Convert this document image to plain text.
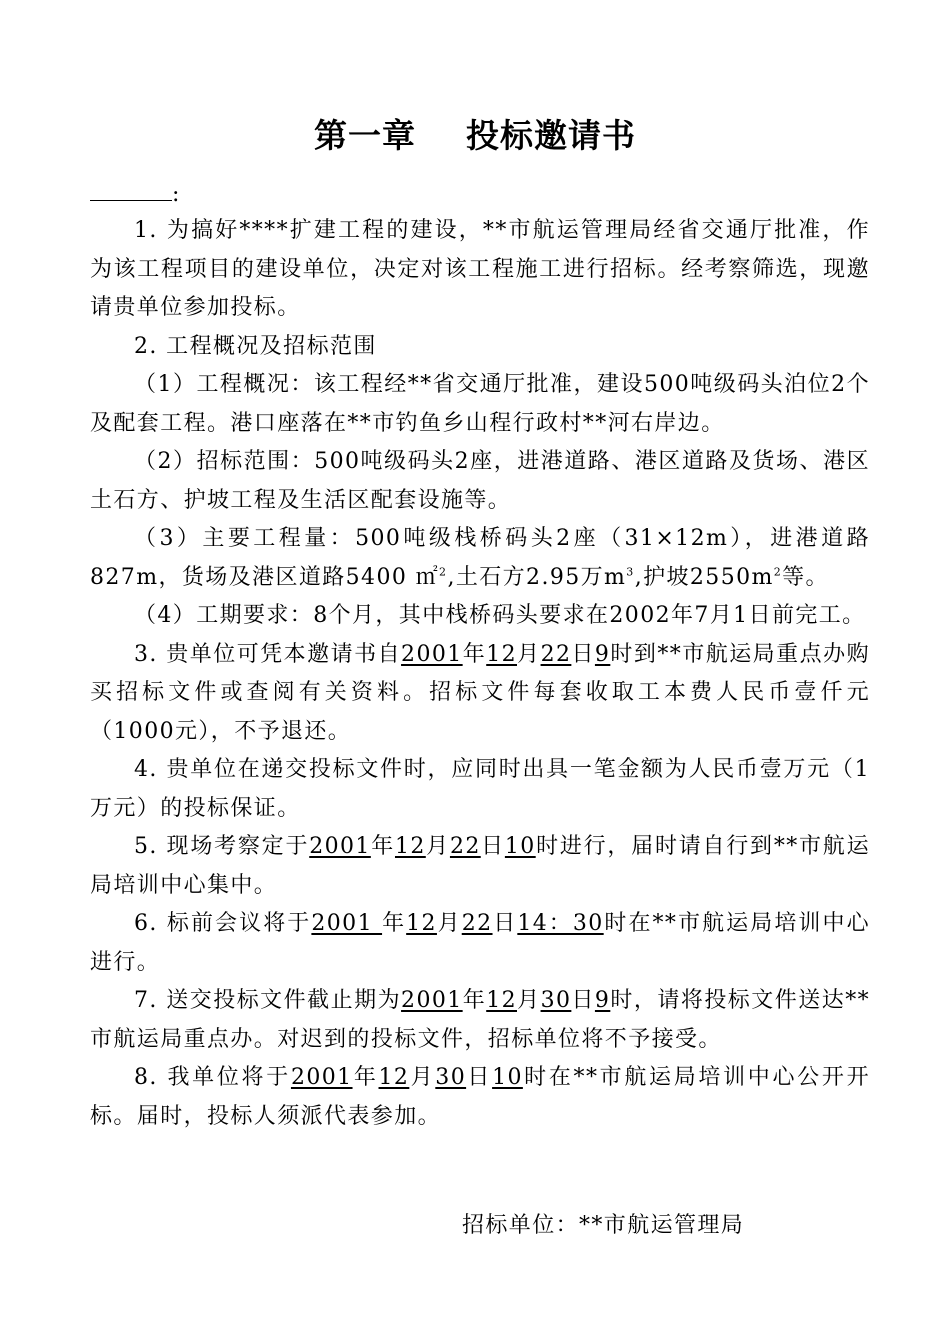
第一章    投标邀请书
:

1. 为搞好****扩建工程的建设，**市航运管理局经省交通厅批准，作为该工程项目的建设单位，决定对该工程施工进行招标。经考察筛选，现邀请贵单位参加投标。

2. 工程概况及招标范围

（1）工程概况：该工程经**省交通厅批准，建设500吨级码头泊位2个及配套工程。港口座落在**市钓鱼乡山程行政村**河右岸边。

（2）招标范围：500吨级码头2座，进港道路、港区道路及货场、港区土石方、护坡工程及生活区配套设施等。

（3）主要工程量：500吨级栈桥码头2座（31×12m），进港道路827m，货场及港区道路5400 ㎡$^2$,土石方2.95万$m^3$,护坡$2550m^2$等。

（4）工期要求：8个月，其中栈桥码头要求在2002年7月1日前完工。

3. 贵单位可凭本邀请书自2001年12月22日9时到**市航运局重点办购买招标文件或查阅有关资料。招标文件每套收取工本费人民币壹仟元（1000元），不予退还。

4. 贵单位在递交投标文件时，应同时出具一笔金额为人民币壹万元（1万元）的投标保证。

5. 现场考察定于2001年12月22日10时进行，届时请自行到**市航运局培训中心集中。

6. 标前会议将于2001 年12月22日14：30时在**市航运局培训中心进行。

7. 送交投标文件截止期为2001年12月30日9时，请将投标文件送达**市航运局重点办。对迟到的投标文件，招标单位将不予接受。

8. 我单位将于2001年12月30日10时在**市航运局培训中心公开开标。届时，投标人须派代表参加。

招标单位：**市航运管理局
